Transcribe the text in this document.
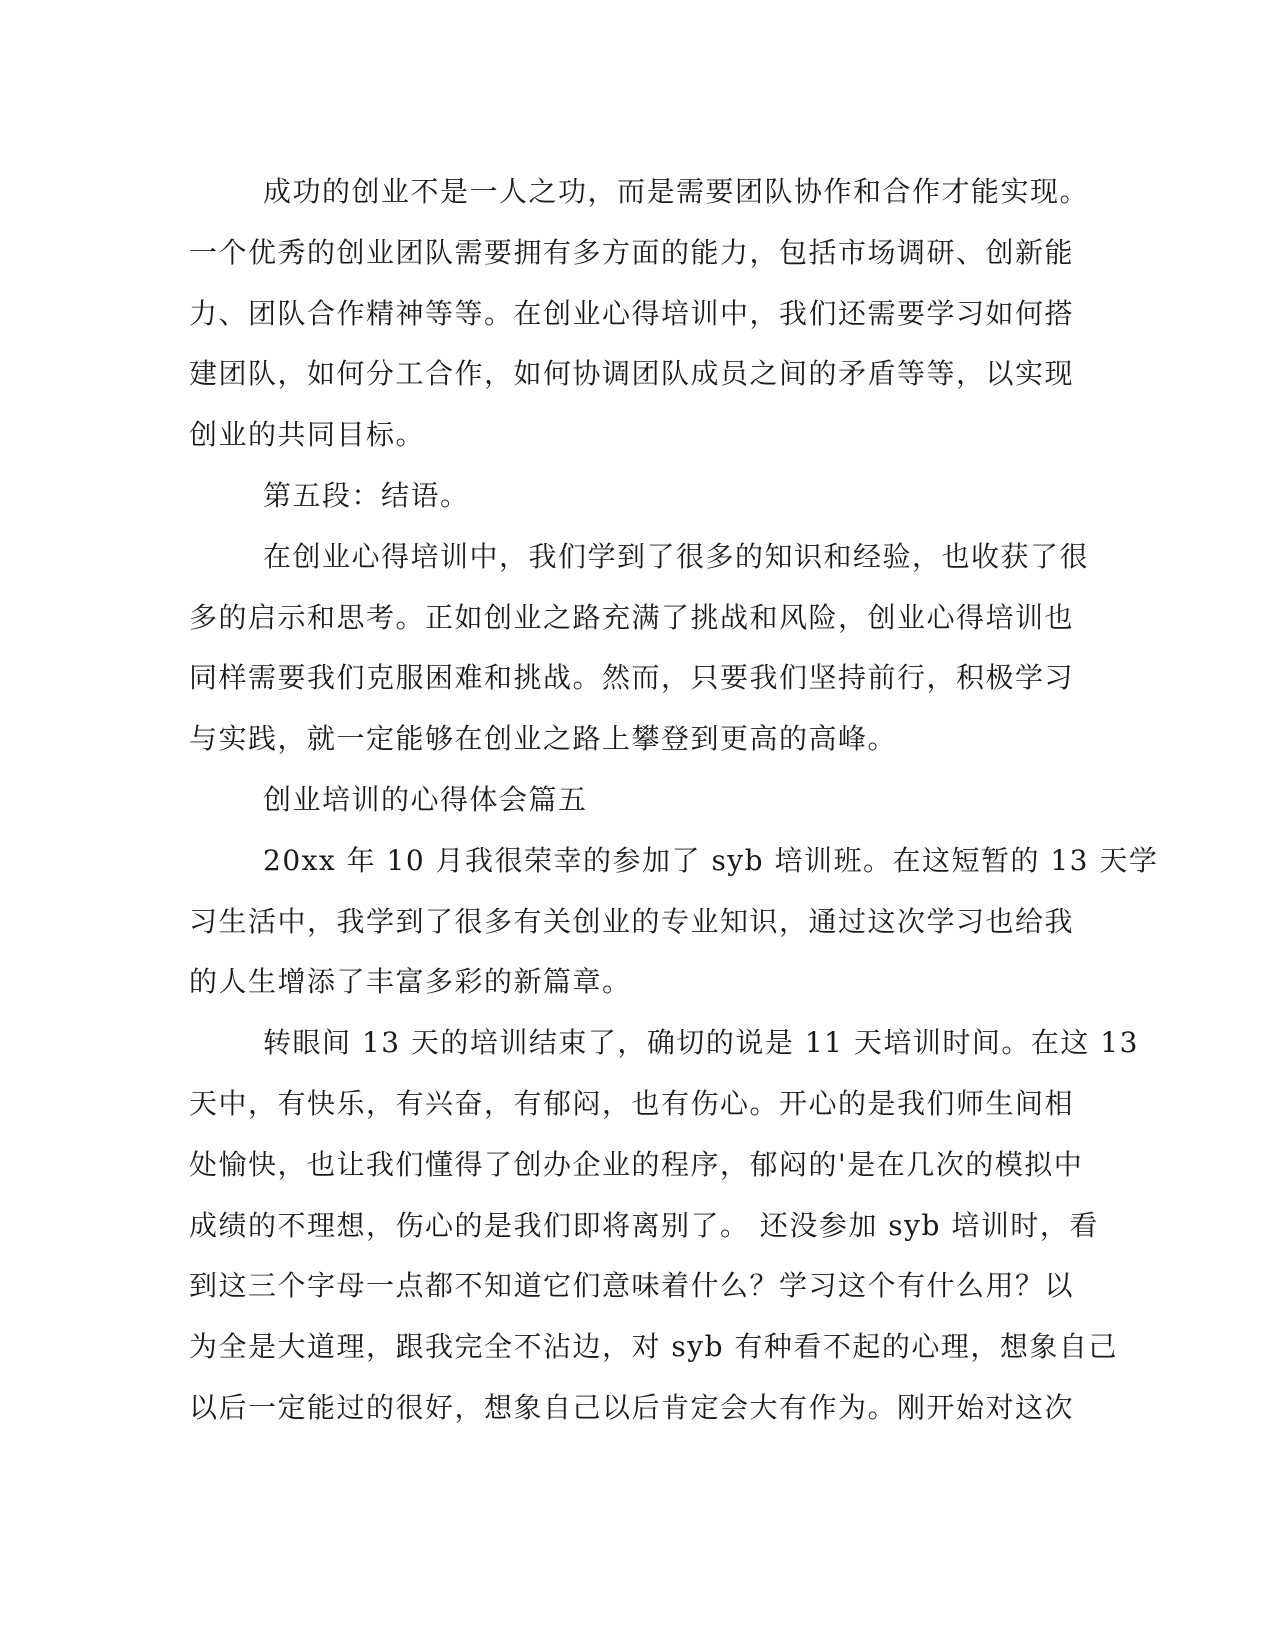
成功的创业不是一人之功，而是需要团队协作和合作才能实现。
一个优秀的创业团队需要拥有多方面的能力，包括市场调研、创新能
力、团队合作精神等等。在创业心得培训中，我们还需要学习如何搭
建团队，如何分工合作，如何协调团队成员之间的矛盾等等，以实现
创业的共同目标。
第五段：结语。
在创业心得培训中，我们学到了很多的知识和经验，也收获了很
多的启示和思考。正如创业之路充满了挑战和风险，创业心得培训也
同样需要我们克服困难和挑战。然而，只要我们坚持前行，积极学习
与实践，就一定能够在创业之路上攀登到更高的高峰。
创业培训的心得体会篇五
20xx 年 10 月我很荣幸的参加了 syb 培训班。在这短暂的 13 天学
习生活中，我学到了很多有关创业的专业知识，通过这次学习也给我
的人生增添了丰富多彩的新篇章。
转眼间 13 天的培训结束了，确切的说是 11 天培训时间。在这 13
天中，有快乐，有兴奋，有郁闷，也有伤心。开心的是我们师生间相
处愉快，也让我们懂得了创办企业的程序，郁闷的'是在几次的模拟中
成绩的不理想，伤心的是我们即将离别了。 还没参加 syb 培训时，看
到这三个字母一点都不知道它们意味着什么？学习这个有什么用？以
为全是大道理，跟我完全不沾边，对 syb 有种看不起的心理，想象自己
以后一定能过的很好，想象自己以后肯定会大有作为。刚开始对这次
